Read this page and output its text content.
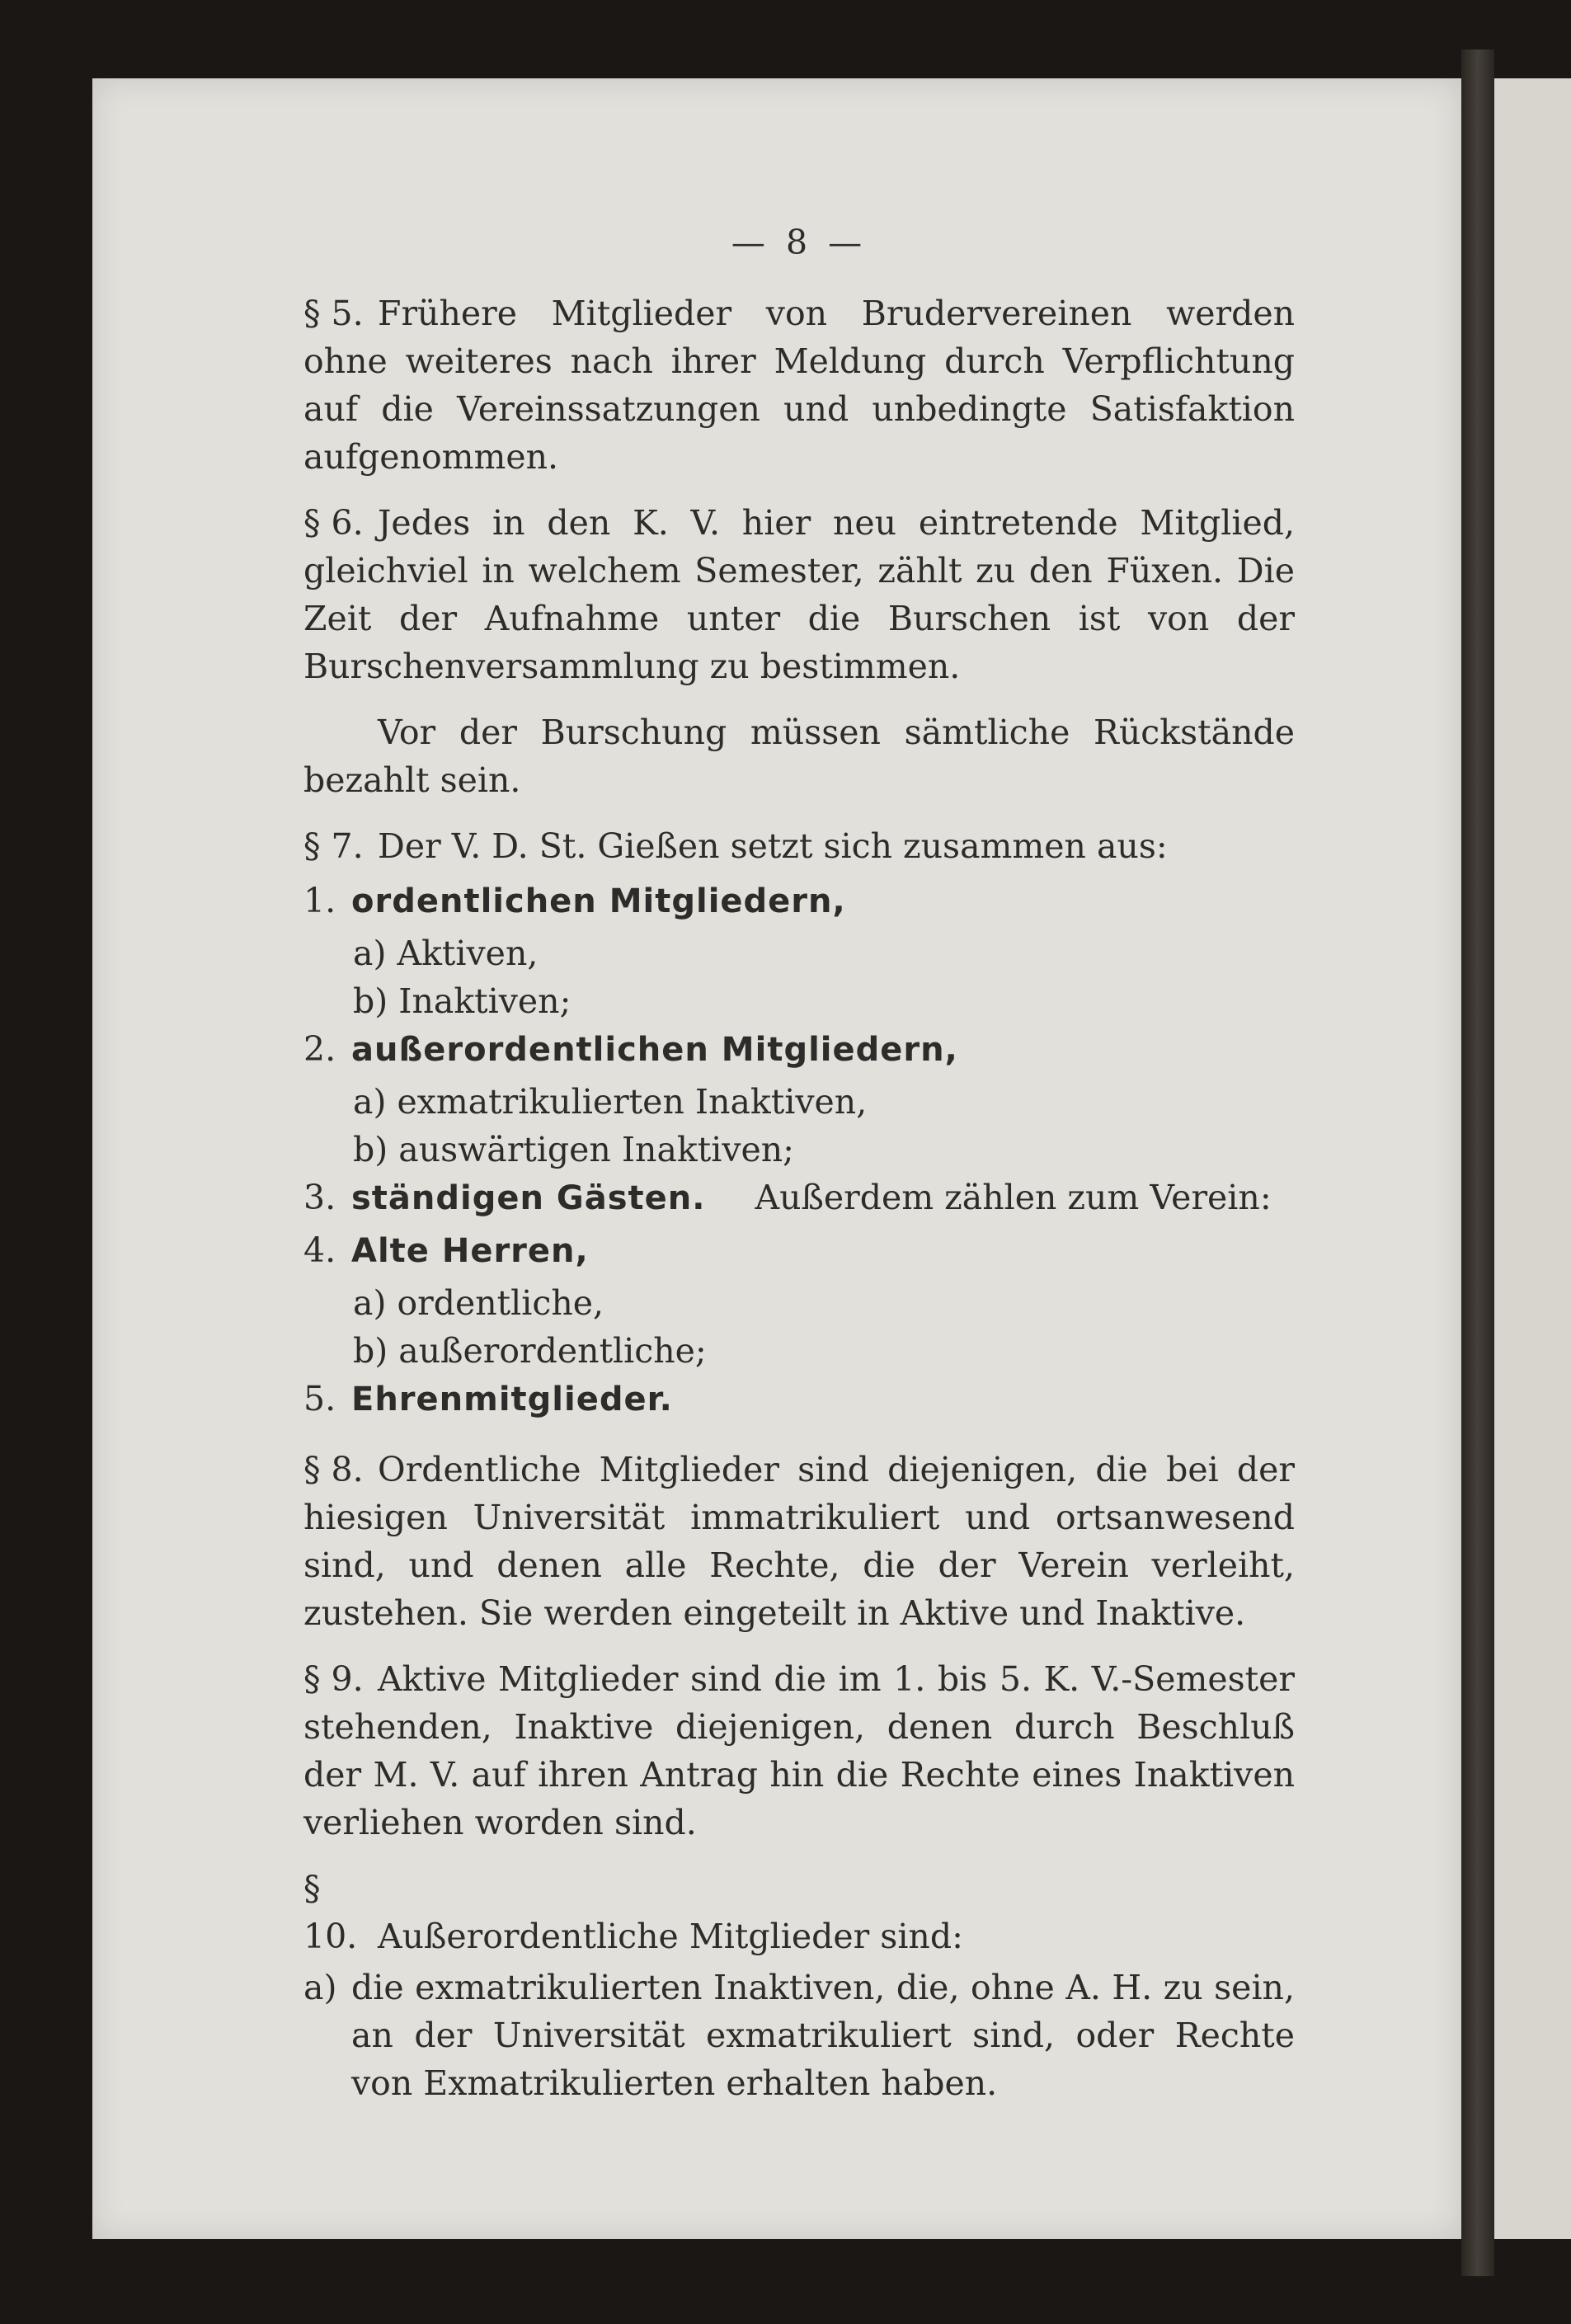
— 8 —

§ 5. Frühere Mitglieder von Brudervereinen werden ohne weiteres nach ihrer Meldung durch Verpflichtung auf die Vereinssatzungen und unbedingte Satisfaktion aufgenommen.

§ 6. Jedes in den K. V. hier neu eintretende Mitglied, gleichviel in welchem Semester, zählt zu den Füxen. Die Zeit der Aufnahme unter die Burschen ist von der Burschenversammlung zu bestimmen.

Vor der Burschung müssen sämtliche Rückstände bezahlt sein.

§ 7. Der V. D. St. Gießen setzt sich zusammen aus:

1. ordentlichen Mitgliedern,
a) Aktiven,
b) Inaktiven;
2. außerordentlichen Mitgliedern,
a) exmatrikulierten Inaktiven,
b) auswärtigen Inaktiven;
3. ständigen Gästen. Außerdem zählen zum Verein:
4. Alte Herren,
a) ordentliche,
b) außerordentliche;
5. Ehrenmitglieder.

§ 8. Ordentliche Mitglieder sind diejenigen, die bei der hiesigen Universität immatrikuliert und ortsanwesend sind, und denen alle Rechte, die der Verein verleiht, zustehen. Sie werden eingeteilt in Aktive und Inaktive.

§ 9. Aktive Mitglieder sind die im 1. bis 5. K. V.-Semester stehenden, Inaktive diejenigen, denen durch Beschluß der M. V. auf ihren Antrag hin die Rechte eines Inaktiven verliehen worden sind.

§ 10. Außerordentliche Mitglieder sind:

a) die exmatrikulierten Inaktiven, die, ohne A. H. zu sein, an der Universität exmatrikuliert sind, oder Rechte von Exmatrikulierten erhalten haben.
